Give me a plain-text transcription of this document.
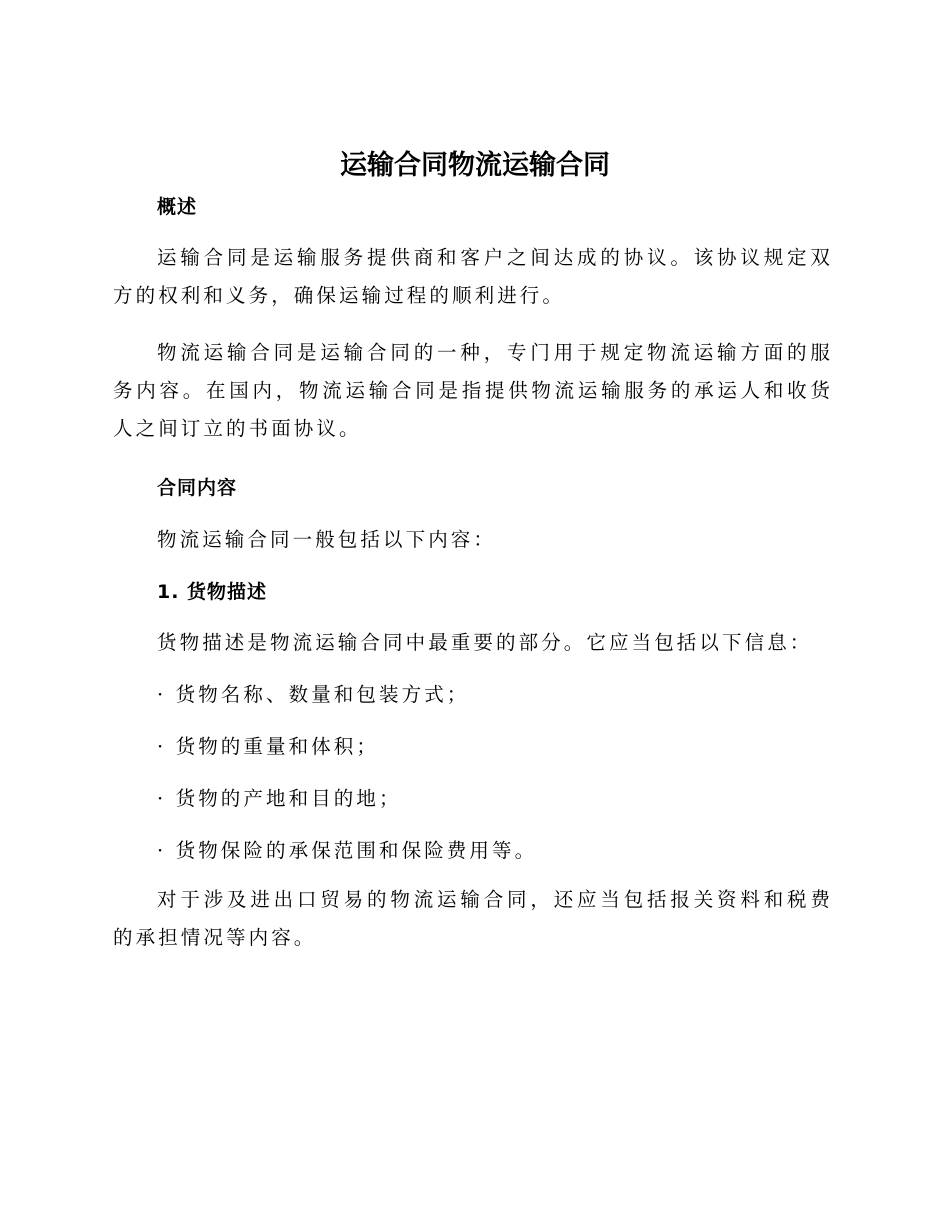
运输合同物流运输合同
概述
运输合同是运输服务提供商和客户之间达成的协议。该协议规定双方的权利和义务，确保运输过程的顺利进行。
物流运输合同是运输合同的一种，专门用于规定物流运输方面的服务内容。在国内，物流运输合同是指提供物流运输服务的承运人和收货人之间订立的书面协议。
合同内容
物流运输合同一般包括以下内容：
1. 货物描述
货物描述是物流运输合同中最重要的部分。它应当包括以下信息：
· 货物名称、数量和包装方式；
· 货物的重量和体积；
· 货物的产地和目的地；
· 货物保险的承保范围和保险费用等。
对于涉及进出口贸易的物流运输合同，还应当包括报关资料和税费的承担情况等内容。
